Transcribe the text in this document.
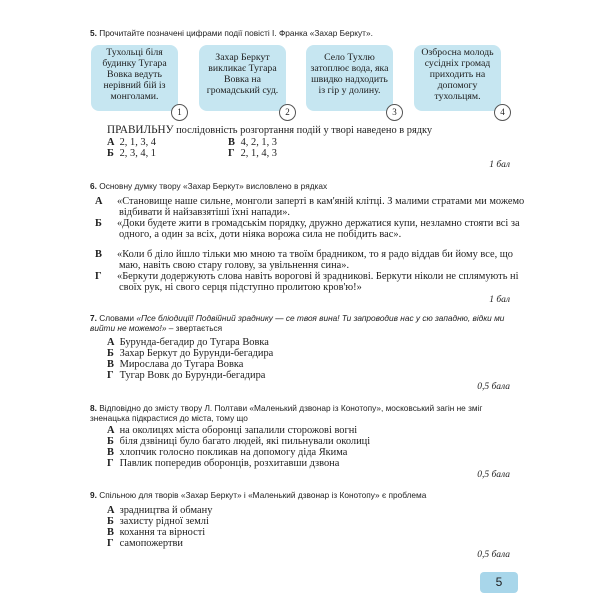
5. Прочитайте позначені цифрами події повісті І. Франка «Захар Беркут».
Тухольці біля будинку Тугара Вовка ведуть нерівний бій із монголами.
1
Захар Беркут викликає Тугара Вовка на громадський суд.
2
Село Тухлю затоплює вода, яка швидко надходить із гір у долину.
3
Озбросна молодь сусідніх громад приходить на допомогу тухольцям.
4
ПРАВИЛЬНУ послідовність розгортання подій у творі наведено в рядку
А 2, 1, 3, 4
Б 2, 3, 4, 1
В 4, 2, 1, 3
Г 2, 1, 4, 3
1 бал
6. Основну думку твору «Захар Беркут» висловлено в рядках
А «Становище наше сильне, монголи заперті в кам'яній клітці. З малими стратами ми можемо відбивати й найзавзятіші їхні напади».
Б «Доки будете жити в громадськім порядку, дружно держатися купи, незламно стояти всі за одного, а один за всіх, доти ніяка ворожа сила не побідить вас».
В «Коли б діло йшло тільки мю мною та твоїм брадником, то я радо віддав би йому все, що маю, навіть свою стару голову, за увільнення сина».
Г «Беркути додержують слова навіть ворогові й зрадникові. Беркути ніколи не сплямують ні своїх рук, ні свого серця підступно пролитою кров'ю!»
1 бал
7. Словами «Псе бліодиції! Подвійний зраднику — се твоя вина! Ти запроводив нас у сю западню, відки ми вийти не можемо!» – звертається
А Бурунда-бегадир до Тугара Вовка
Б Захар Беркут до Бурунди-бегадира
В Мирослава до Тугара Вовка
Г Тугар Вовк до Бурунди-бегадира
0,5 бала
8. Відповідно до змісту твору Л. Полтави «Маленький дзвонар із Конотопу», московський загін не зміг зненацька підкрастися до міста, тому що
А на околицях міста оборонці запалили сторожові вогні
Б біля дзвіниці було багато людей, які пильнували околиці
В хлопчик голосно покликав на допомогу діда Якима
Г Павлик попередив оборонців, розхитавши дзвона
0,5 бала
9. Спільною для творів «Захар Беркут» і «Маленький дзвонар із Конотопу» є проблема
А зрадництва й обману
Б захисту рідної землі
В кохання та вірності
Г самопожертви
0,5 бала
5
